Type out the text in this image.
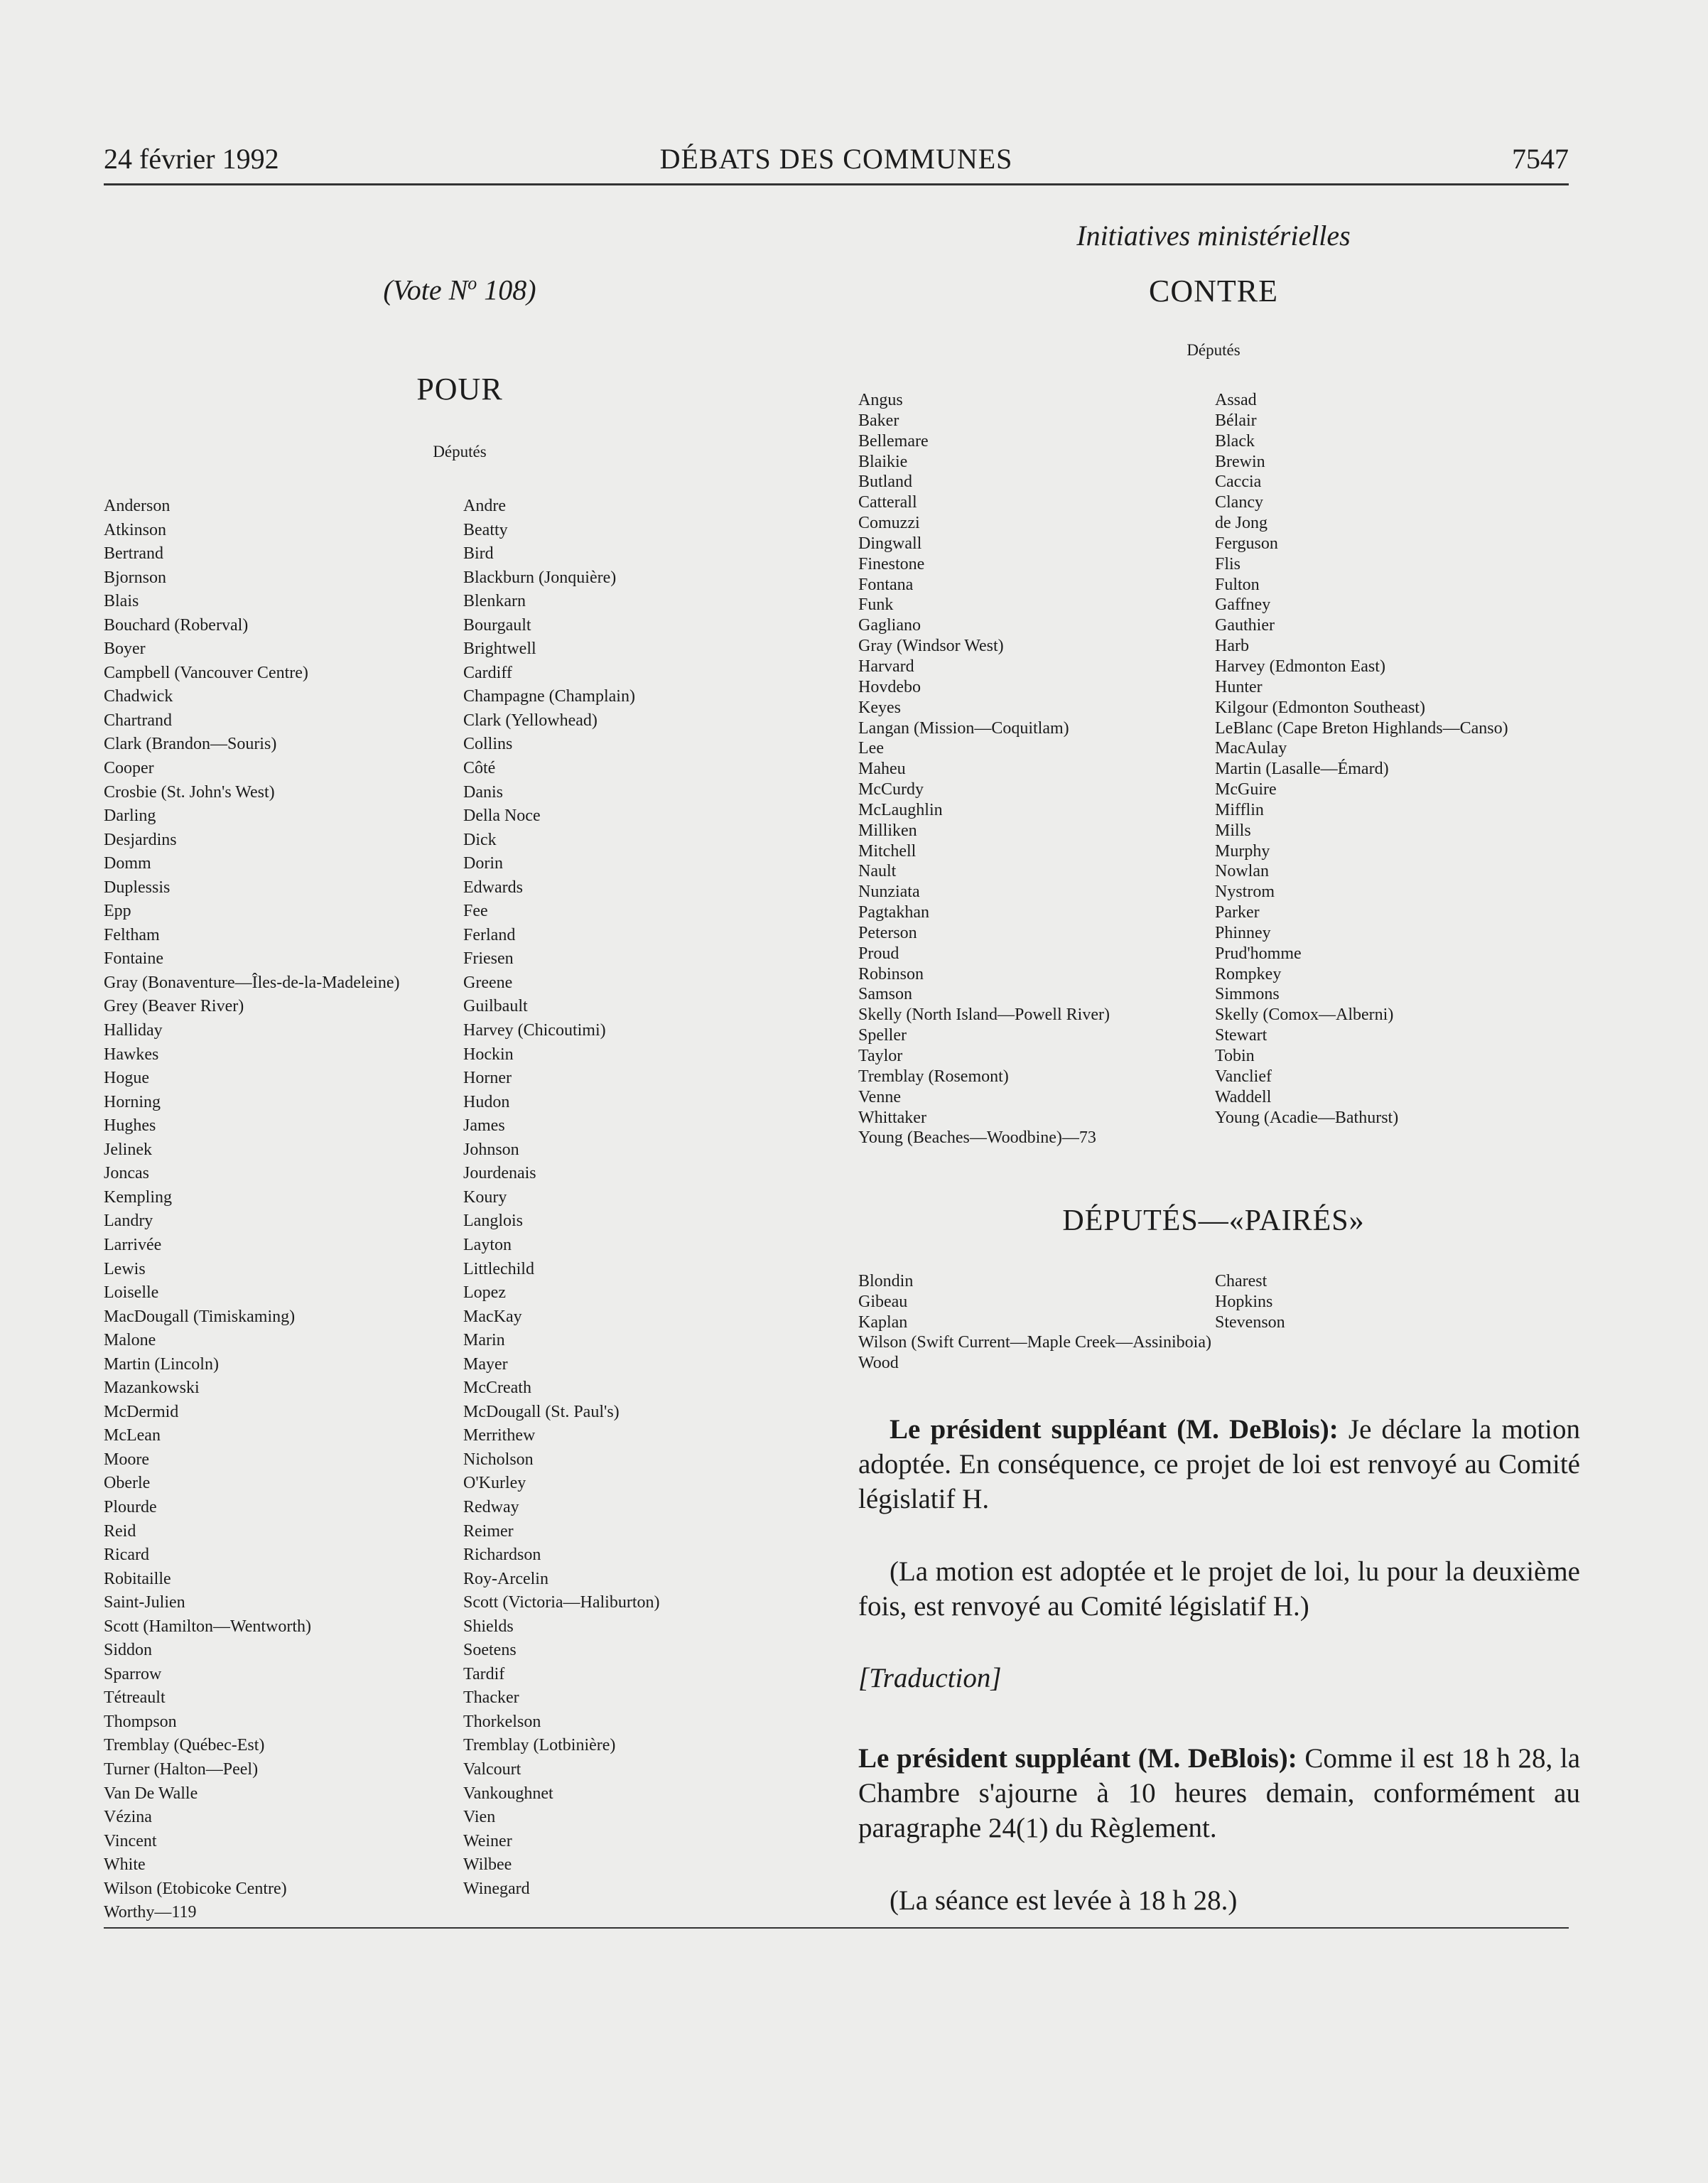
24 février 1992	DÉBATS DES COMMUNES	7547
Initiatives ministérielles
(Vote $N^o$ 108)
POUR
Députés
CONTRE
Députés
Anderson
Atkinson
Bertrand
Bjornson
Blais
Bouchard (Roberval)
Boyer
Campbell (Vancouver Centre)
Chadwick
Chartrand
Clark (Brandon—Souris)
Cooper
Crosbie (St. John's West)
Darling
Desjardins
Domm
Duplessis
Epp
Feltham
Fontaine
Gray (Bonaventure—Îles-de-la-Madeleine)
Grey (Beaver River)
Halliday
Hawkes
Hogue
Horning
Hughes
Jelinek
Joncas
Kempling
Landry
Larrivée
Lewis
Loiselle
MacDougall (Timiskaming)
Malone
Martin (Lincoln)
Mazankowski
McDermid
McLean
Moore
Oberle
Plourde
Reid
Ricard
Robitaille
Saint-Julien
Scott (Hamilton—Wentworth)
Siddon
Sparrow
Tétreault
Thompson
Tremblay (Québec-Est)
Turner (Halton—Peel)
Van De Walle
Vézina
Vincent
White
Wilson (Etobicoke Centre)
Worthy—119
Andre
Beatty
Bird
Blackburn (Jonquière)
Blenkarn
Bourgault
Brightwell
Cardiff
Champagne (Champlain)
Clark (Yellowhead)
Collins
Côté
Danis
Della Noce
Dick
Dorin
Edwards
Fee
Ferland
Friesen
Greene
Guilbault
Harvey (Chicoutimi)
Hockin
Horner
Hudon
James
Johnson
Jourdenais
Koury
Langlois
Layton
Littlechild
Lopez
MacKay
Marin
Mayer
McCreath
McDougall (St. Paul's)
Merrithew
Nicholson
O'Kurley
Redway
Reimer
Richardson
Roy-Arcelin
Scott (Victoria—Haliburton)
Shields
Soetens
Tardif
Thacker
Thorkelson
Tremblay (Lotbinière)
Valcourt
Vankoughnet
Vien
Weiner
Wilbee
Winegard
Angus
Baker
Bellemare
Blaikie
Butland
Catterall
Comuzzi
Dingwall
Finestone
Fontana
Funk
Gagliano
Gray (Windsor West)
Harvard
Hovdebo
Keyes
Langan (Mission—Coquitlam)
Lee
Maheu
McCurdy
McLaughlin
Milliken
Mitchell
Nault
Nunziata
Pagtakhan
Peterson
Proud
Robinson
Samson
Skelly (North Island—Powell River)
Speller
Taylor
Tremblay (Rosemont)
Venne
Whittaker
Young (Beaches—Woodbine)—73
Assad
Bélair
Black
Brewin
Caccia
Clancy
de Jong
Ferguson
Flis
Fulton
Gaffney
Gauthier
Harb
Harvey (Edmonton East)
Hunter
Kilgour (Edmonton Southeast)
LeBlanc (Cape Breton Highlands—Canso)
MacAulay
Martin (Lasalle—Émard)
McGuire
Mifflin
Mills
Murphy
Nowlan
Nystrom
Parker
Phinney
Prud'homme
Rompkey
Simmons
Skelly (Comox—Alberni)
Stewart
Tobin
Vanclief
Waddell
Young (Acadie—Bathurst)
DÉPUTÉS—«PAIRÉS»
Blondin
Gibeau
Kaplan
Wilson (Swift Current—Maple Creek—Assiniboia)
Wood
Charest
Hopkins
Stevenson
Le président suppléant (M. DeBlois): Je déclare la motion adoptée. En conséquence, ce projet de loi est renvoyé au Comité législatif H.
(La motion est adoptée et le projet de loi, lu pour la deuxième fois, est renvoyé au Comité législatif H.)
[Traduction]
Le président suppléant (M. DeBlois): Comme il est 18 h 28, la Chambre s'ajourne à 10 heures demain, conformément au paragraphe 24(1) du Règlement.
(La séance est levée à 18 h 28.)
